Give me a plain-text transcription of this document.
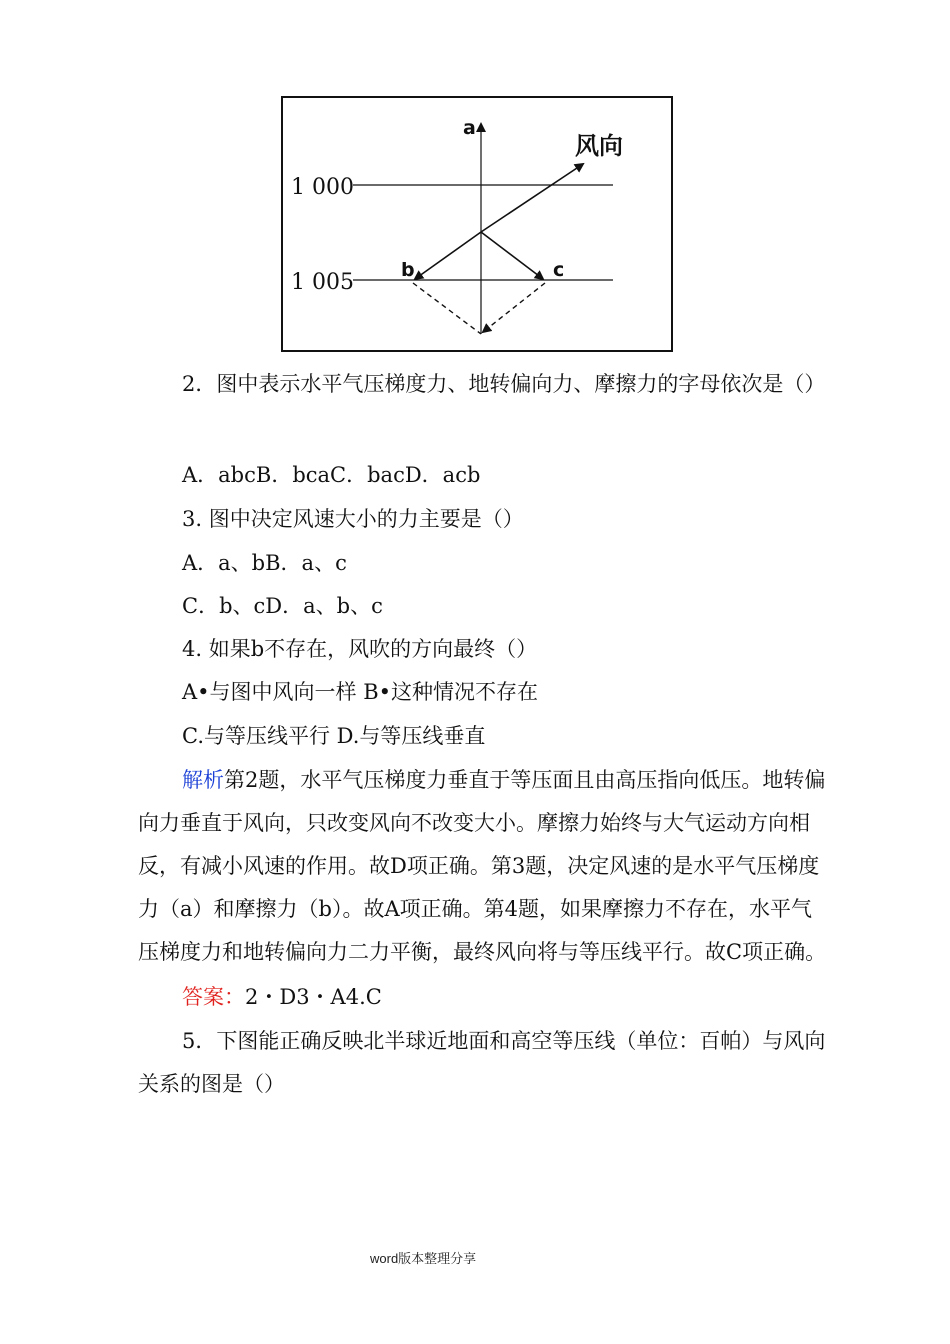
a
b	c
风向
1 000
1 005

2．图中表示水平气压梯度力、地转偏向力、摩擦力的字母依次是（）

A．abcB．bcaC．bacD．acb
3. 图中决定风速大小的力主要是（）
A．a、bB．a、c
C．b、cD．a、b、c
4. 如果b不存在，风吹的方向最终（）
A•与图中风向一样 B•这种情况不存在
C.与等压线平行 D.与等压线垂直

解析第2题，水平气压梯度力垂直于等压面且由高压指向低压。地转偏向力垂直于风向，只改变风向不改变大小。摩擦力始终与大气运动方向相反，有减小风速的作用。故D项正确。第3题，决定风速的是水平气压梯度力（a）和摩擦力（b）。故A项正确。第4题，如果摩擦力不存在，水平气压梯度力和地转偏向力二力平衡，最终风向将与等压线平行。故C项正确。

答案：2・D3・A4.C

5．下图能正确反映北半球近地面和高空等压线（单位：百帕）与风向关系的图是（）

word版本整理分享
